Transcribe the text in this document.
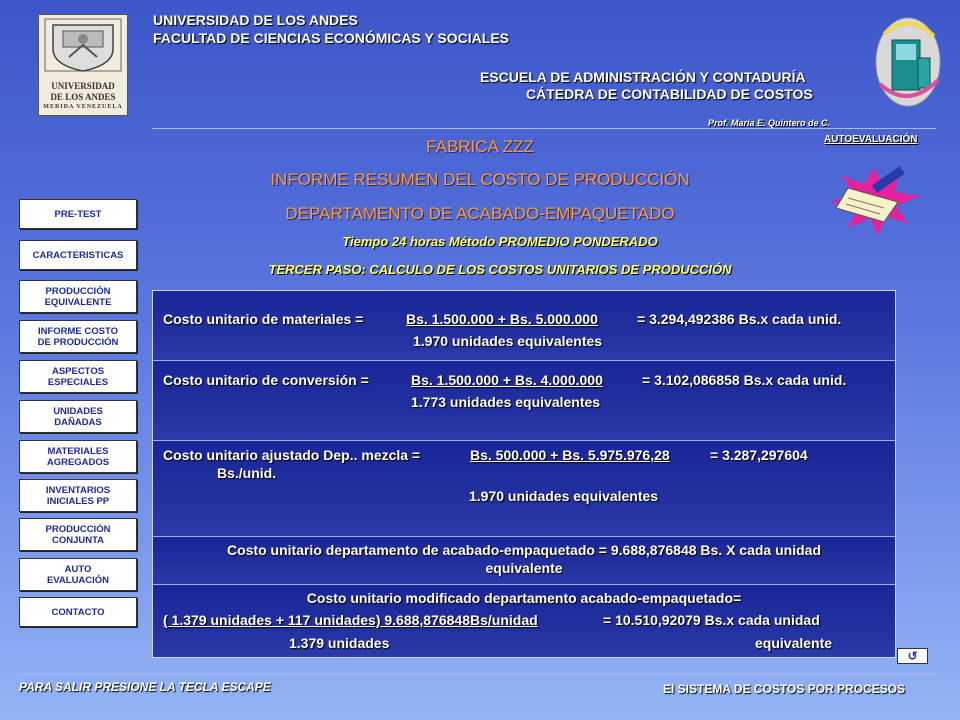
UNIVERSIDAD
DE LOS ANDES
MERIDA VENEZUELA
UNIVERSIDAD DE LOS ANDES
FACULTAD DE CIENCIAS ECONÓMICAS Y SOCIALES
ESCUELA DE ADMINISTRACIÓN Y CONTADURÍA
CÁTEDRA DE CONTABILIDAD DE COSTOS
Prof. María E. Quintero de C.
AUTOEVALUACIÓN
FABRICA ZZZ
INFORME RESUMEN DEL COSTO DE PRODUCCIÓN
DEPARTAMENTO DE ACABADO-EMPAQUETADO
Tiempo 24 horas Método PROMEDIO PONDERADO
TERCER PASO: CALCULO DE LOS COSTOS UNITARIOS DE PRODUCCIÓN
PRE-TEST
CARACTERISTICAS
PRODUCCIÓN
EQUIVALENTE
INFORME COSTO
DE PRODUCCIÓN
ASPECTOS
ESPECIALES
UNIDADES
DAÑADAS
MATERIALES
AGREGADOS
INVENTARIOS
INICIALES PP
PRODUCCIÓN
CONJUNTA
AUTO
EVALUACIÓN
CONTACTO
Costo unitario de materiales =	Bs. 1.500.000 + Bs. 5.000.000	= 3.294,492386 Bs.x cada unid.
1.970 unidades equivalentes
Costo unitario de conversión =	Bs. 1.500.000 + Bs. 4.000.000	= 3.102,086858 Bs.x cada unid.
1.773 unidades equivalentes
Costo unitario ajustado Dep.. mezcla =	Bs. 500.000 + Bs. 5.975.976,28	= 3.287,297604
Bs./unid.
1.970 unidades equivalentes
Costo unitario departamento de acabado-empaquetado = 9.688,876848 Bs. X cada unidad
equivalente
Costo unitario modificado departamento acabado-empaquetado=
( 1.379 unidades + 117 unidades) 9.688,876848Bs/unidad	= 10.510,92079 Bs.x cada unidad
1.379 unidades	equivalente
↺
PARA SALIR PRESIONE LA TECLA ESCAPE	El SISTEMA DE COSTOS POR PROCESOS
